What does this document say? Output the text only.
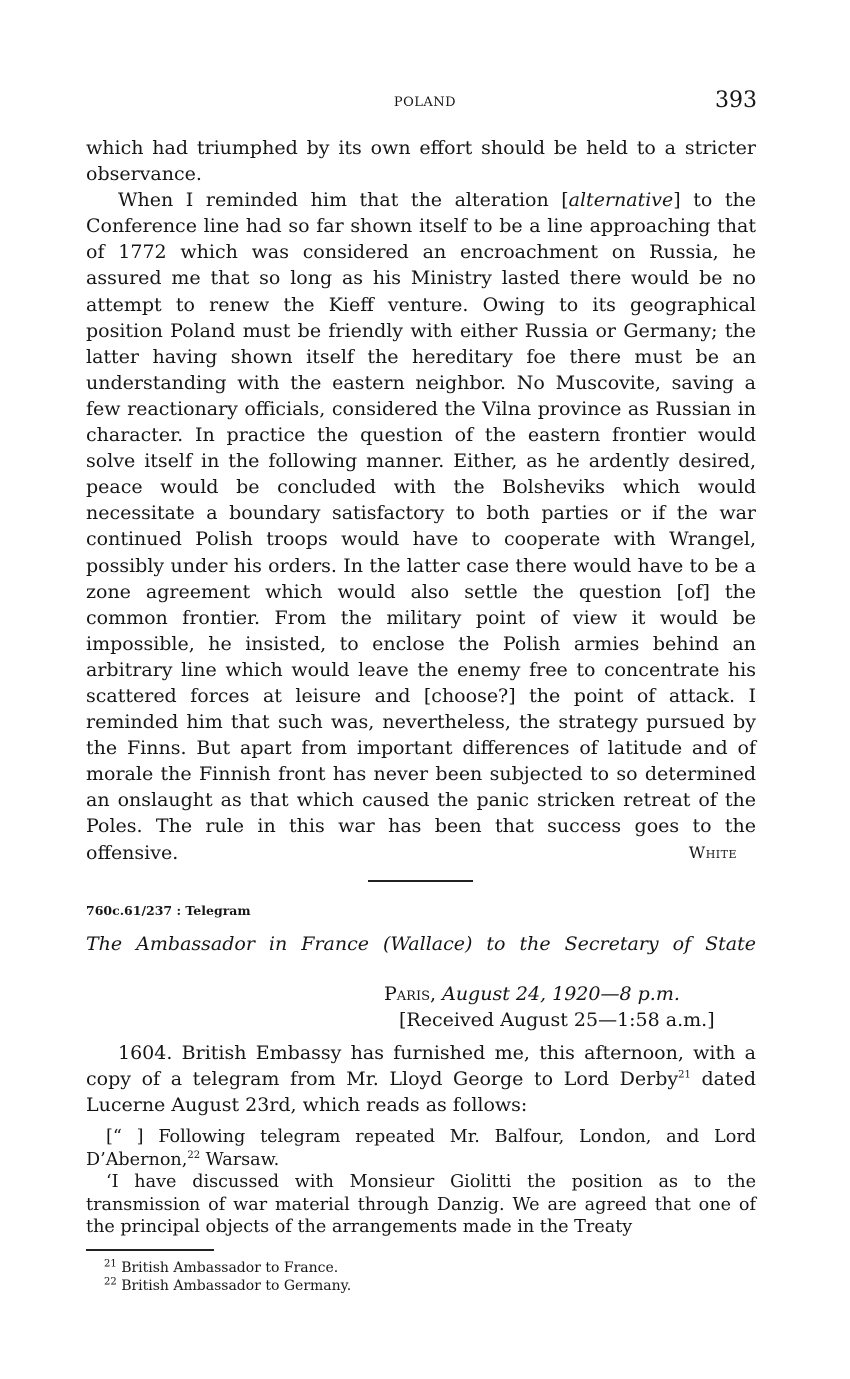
POLAND	393

which had triumphed by its own effort should be held to a stricter observance.

When I reminded him that the alteration [alternative] to the Conference line had so far shown itself to be a line approaching that of 1772 which was considered an encroachment on Russia, he assured me that so long as his Ministry lasted there would be no attempt to renew the Kieff venture. Owing to its geographical position Poland must be friendly with either Russia or Germany; the latter having shown itself the hereditary foe there must be an understanding with the eastern neighbor. No Muscovite, saving a few reactionary officials, considered the Vilna province as Russian in character. In practice the question of the eastern frontier would solve itself in the following manner. Either, as he ardently desired, peace would be concluded with the Bolsheviks which would necessitate a boundary satisfactory to both parties or if the war continued Polish troops would have to cooperate with Wrangel, possibly under his orders. In the latter case there would have to be a zone agreement which would also settle the question [of] the common frontier. From the military point of view it would be impossible, he insisted, to enclose the Polish armies behind an arbitrary line which would leave the enemy free to concentrate his scattered forces at leisure and [choose?] the point of attack. I reminded him that such was, nevertheless, the strategy pursued by the Finns. But apart from important differences of latitude and of morale the Finnish front has never been subjected to so determined an onslaught as that which caused the panic stricken retreat of the Poles. The rule in this war has been that success goes to the offensive.	White
760c.61/237 : Telegram
The Ambassador in France (Wallace) to the Secretary of State
Paris, August 24, 1920—8 p.m.
[Received August 25—1:58 a.m.]

1604. British Embassy has furnished me, this afternoon, with a copy of a telegram from Mr. Lloyd George to Lord Derby$^{21}$ dated Lucerne August 23rd, which reads as follows:

[“ ] Following telegram repeated Mr. Balfour, London, and Lord D’Abernon,$^{22}$ Warsaw.

‘I have discussed with Monsieur Giolitti the position as to the transmission of war material through Danzig. We are agreed that one of the principal objects of the arrangements made in the Treaty

$^{21}$ British Ambassador to France.
$^{22}$ British Ambassador to Germany.
